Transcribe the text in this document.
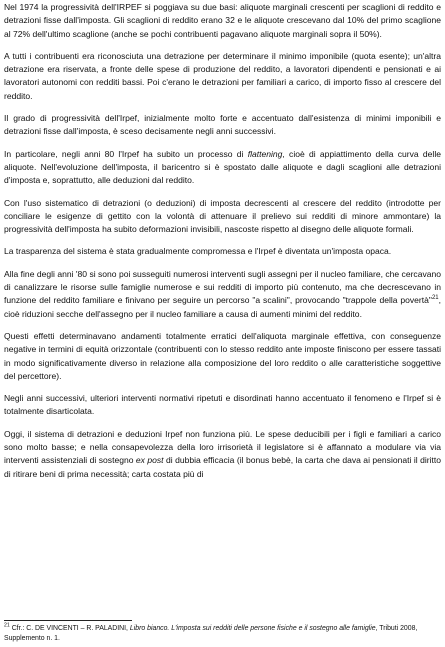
Nel 1974 la progressività dell'IRPEF si poggiava su due basi: aliquote marginali crescenti per scaglioni di reddito e detrazioni fisse dall'imposta. Gli scaglioni di reddito erano 32 e le aliquote crescevano dal 10% del primo scaglione al 72% dell'ultimo scaglione (anche se pochi contribuenti pagavano aliquote marginali sopra il 50%).

A tutti i contribuenti era riconosciuta una detrazione per determinare il minimo imponibile (quota esente); un'altra detrazione era riservata, a fronte delle spese di produzione del reddito, a lavoratori dipendenti e pensionati e ai lavoratori autonomi con redditi bassi. Poi c'erano le detrazioni per familiari a carico, di importo fisso al crescere del reddito.

Il grado di progressività dell'Irpef, inizialmente molto forte e accentuato dall'esistenza di minimi imponibili e detrazioni fisse dall'imposta, è sceso decisamente negli anni successivi.

In particolare, negli anni 80 l'Irpef ha subito un processo di flattening, cioè di appiattimento della curva delle aliquote. Nell'evoluzione dell'imposta, il baricentro si è spostato dalle aliquote e dagli scaglioni alle detrazioni d'imposta e, soprattutto, alle deduzioni dal reddito.

Con l'uso sistematico di detrazioni (o deduzioni) di imposta decrescenti al crescere del reddito (introdotte per conciliare le esigenze di gettito con la volontà di attenuare il prelievo sui redditi di minore ammontare) la progressività dell'imposta ha subito deformazioni invisibili, nascoste rispetto al disegno delle aliquote formali.

La trasparenza del sistema è stata gradualmente compromessa e l'Irpef è diventata un'imposta opaca.

Alla fine degli anni '80 si sono poi susseguiti numerosi interventi sugli assegni per il nucleo familiare, che cercavano di canalizzare le risorse sulle famiglie numerose e sui redditi di importo più contenuto, ma che decrescevano in funzione del reddito familiare e finivano per seguire un percorso "a scalini", provocando "trappole della povertà"$^{21}$, cioè riduzioni secche dell'assegno per il nucleo familiare a causa di aumenti minimi del reddito.

Questi effetti determinavano andamenti totalmente erratici dell'aliquota marginale effettiva, con conseguenze negative in termini di equità orizzontale (contribuenti con lo stesso reddito ante imposte finiscono per essere tassati in modo significativamente diverso in relazione alla composizione del loro reddito o alle caratteristiche soggettive del percettore).

Negli anni successivi, ulteriori interventi normativi ripetuti e disordinati hanno accentuato il fenomeno e l'Irpef si è totalmente disarticolata.

Oggi, il sistema di detrazioni e deduzioni Irpef non funziona più. Le spese deducibili per i figli e familiari a carico sono molto basse; e nella consapevolezza della loro irrisorietà il legislatore si è affannato a modulare via via interventi assistenziali di sostegno ex post di dubbia efficacia (il bonus bebè, la carta che dava ai pensionati il diritto di ritirare beni di prima necessità; carta costata più di

$^{21}$ Cfr.: C. DE VINCENTI – R. PALADINI, Libro bianco. L'imposta sui redditi delle persone fisiche e il sostegno alle famiglie, Tributi 2008, Supplemento n. 1.
